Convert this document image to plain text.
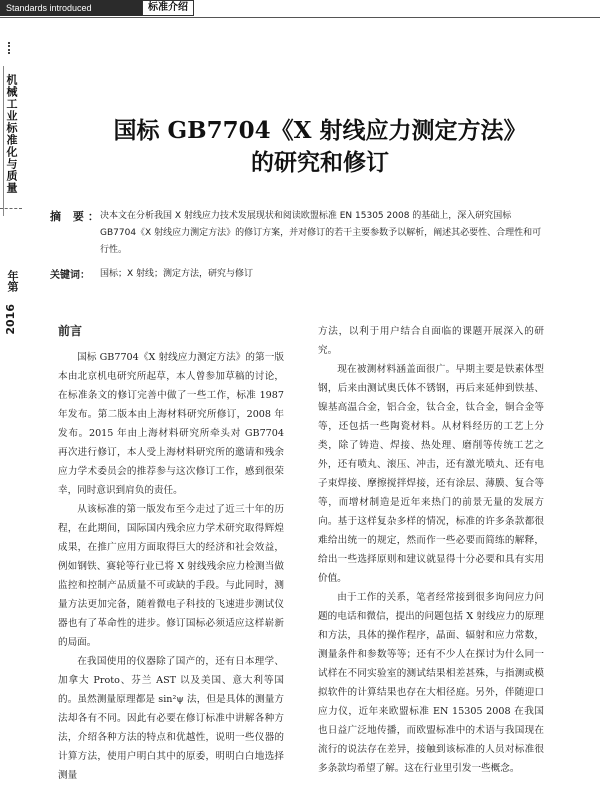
Standards introduced	标准介绍
机械工业标准化与质量
年第
2016
国标 GB7704《X 射线应力测定方法》
的研究和修订
摘 要：
决本文在分析我国 X 射线应力技术发展现状和阅读欧盟标准 EN 15305 2008 的基础上，深入研究国标 GB7704《X 射线应力测定方法》的修订方案，并对修订的若干主要参数予以解析，阐述其必要性、合理性和可行性。
关键词： 国标；X 射线；测定方法，研究与修订
前言

国标 GB7704《X 射线应力测定方法》的第一版本由北京机电研究所起草，本人曾参加草稿的讨论，在标准条文的修订完善中做了一些工作，标准 1987 年发布。第二版本由上海材料研究所修订，2008 年发布。2015 年由上海材料研究所牵头对 GB7704 再次进行修订，本人受上海材料研究所的邀请和残余应力学术委员会的推荐参与这次修订工作，感到很荣幸，同时意识到肩负的责任。

从该标准的第一版发布至今走过了近三十年的历程，在此期间，国际国内残余应力学术研究取得辉煌成果，在推广应用方面取得巨大的经济和社会效益，例如钢铁、赛轮等行业已将 X 射线残余应力检测当做监控和控制产品质量不可或缺的手段。与此同时，测量方法更加完备，随着微电子科技的飞速进步测试仪器也有了革命性的进步。修订国标必须适应这样崭新的局面。

在我国使用的仪器除了国产的，还有日本理学、加拿大 Proto、芬兰 AST 以及美国、意大利等国的。虽然测量原理都是 sin²ψ 法，但是具体的测量方法却各有不同。因此有必要在修订标准中讲解各种方法，介绍各种方法的特点和优越性，说明一些仪器的计算方法，使用户明白其中的原委，明明白白地选择测量

方法，以利于用户结合自面临的课题开展深入的研究。

现在被测材料涵盖面很广。早期主要是铁素体型钢，后来由测试奥氏体不锈钢，再后来延伸到铁基、镍基高温合金，铝合金，钛合金，钛合金，铜合金等等，还包括一些陶瓷材料。从材料经历的工艺上分类，除了铸造、焊接、热处理、磨削等传统工艺之外，还有喷丸、滚压、冲击，还有激光喷丸、还有电子束焊接、摩擦搅拌焊接，还有涂层、薄膜、复合等等，而增材制造是近年来热门的前景无量的发展方向。基于这样复杂多样的情况，标准的许多条款都很难给出统一的规定，然而作一些必要而简练的解释，给出一些选择原则和建议就显得十分必要和具有实用价值。

由于工作的关系，笔者经常接到很多询问应力问题的电话和微信，提出的问题包括 X 射线应力的原理和方法，具体的操作程序，晶面、辐射和应力常数，测量条件和参数等等；还有不少人在探讨为什么同一试样在不同实验室的测试结果相差甚殊，与指测或模拟软件的计算结果也存在大相径庭。另外，伴随迎口应力仪，近年来欧盟标准 EN 15305 2008 在我国也日益广泛地传播，而欧盟标准中的术语与我国现在流行的说法存在差异，接触到该标准的人员对标准很多条款均希望了解。这在行业里引发一些概念。
